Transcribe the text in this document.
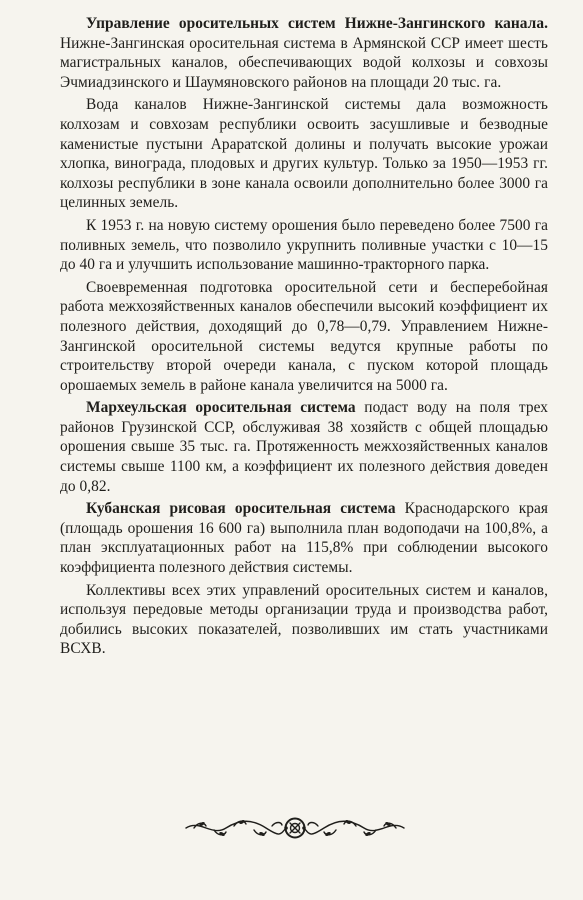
Управление оросительных систем Нижне-Зангинского канала. Нижне-Зангинская оросительная система в Армянской ССР имеет шесть магистральных каналов, обеспечивающих водой колхозы и совхозы Эчмиадзинского и Шаумяновского районов на площади 20 тыс. га.

Вода каналов Нижне-Зангинской системы дала возможность колхозам и совхозам республики освоить засушливые и безводные каменистые пустыни Араратской долины и получать высокие урожаи хлопка, винограда, плодовых и других культур. Только за 1950—1953 гг. колхозы республики в зоне канала освоили дополнительно более 3000 га целинных земель.

К 1953 г. на новую систему орошения было переведено более 7500 га поливных земель, что позволило укрупнить поливные участки с 10—15 до 40 га и улучшить использование машинно-тракторного парка.

Своевременная подготовка оросительной сети и бесперебойная работа межхозяйственных каналов обеспечили высокий коэффициент их полезного действия, доходящий до 0,78—0,79. Управлением Нижне-Зангинской оросительной системы ведутся крупные работы по строительству второй очереди канала, с пуском которой площадь орошаемых земель в районе канала увеличится на 5000 га.

Мархеульская оросительная система подаст воду на поля трех районов Грузинской ССР, обслуживая 38 хозяйств с общей площадью орошения свыше 35 тыс. га. Протяженность межхозяйственных каналов системы свыше 1100 км, а коэффициент их полезного действия доведен до 0,82.

Кубанская рисовая оросительная система Краснодарского края (площадь орошения 16 600 га) выполнила план водоподачи на 100,8%, а план эксплуатационных работ на 115,8% при соблюдении высокого коэффициента полезного действия системы.

Коллективы всех этих управлений оросительных систем и каналов, используя передовые методы организации труда и производства работ, добились высоких показателей, позволивших им стать участниками ВСХВ.
